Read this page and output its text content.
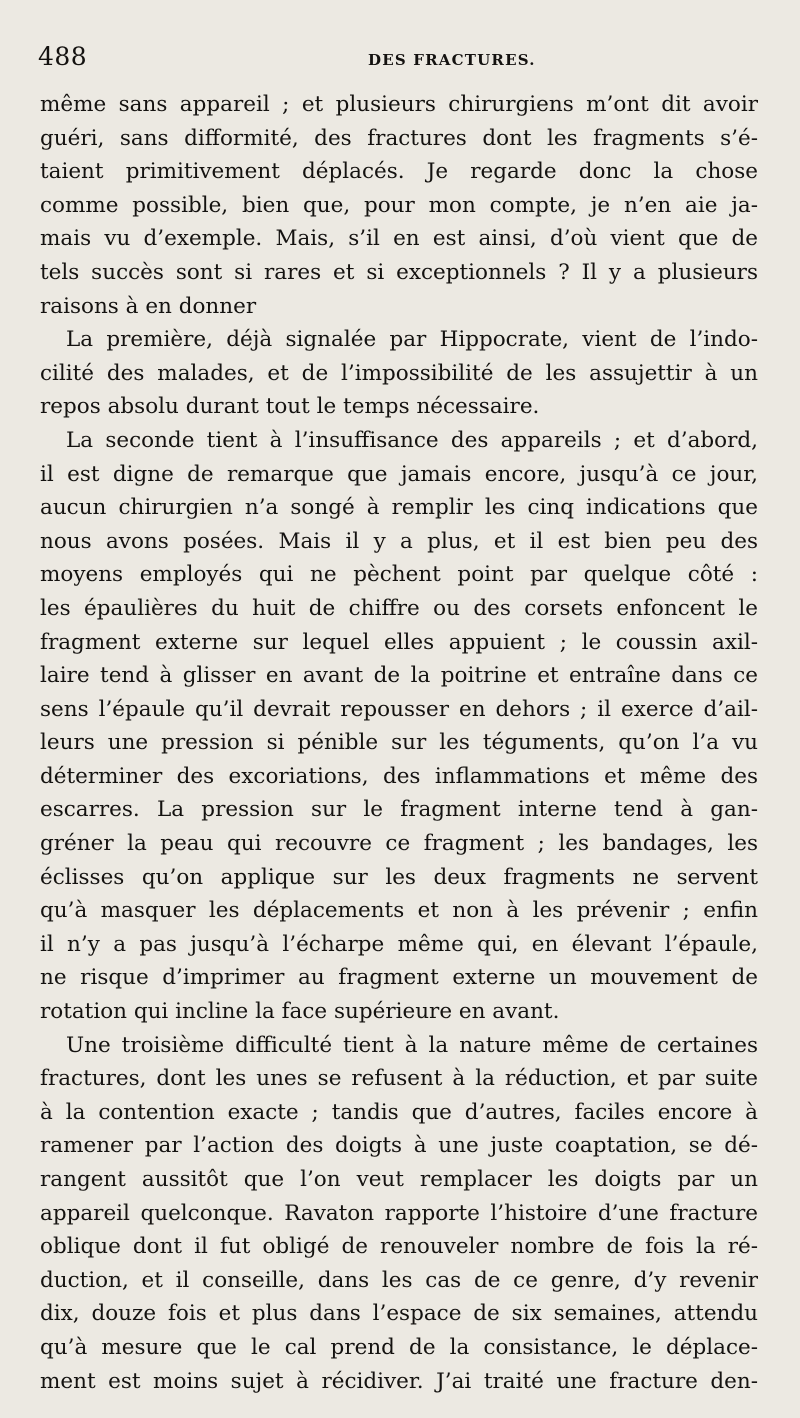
488	DES FRACTURES.
même sans appareil ; et plusieurs chirurgiens m’ont dit avoir
guéri, sans difformité, des fractures dont les fragments s’é-
taient primitivement déplacés. Je regarde donc la chose
comme possible, bien que, pour mon compte, je n’en aie ja-
mais vu d’exemple. Mais, s’il en est ainsi, d’où vient que de
tels succès sont si rares et si exceptionnels ? Il y a plusieurs
raisons à en donner
La première, déjà signalée par Hippocrate, vient de l’indo-
cilité des malades, et de l’impossibilité de les assujettir à un
repos absolu durant tout le temps nécessaire.
La seconde tient à l’insuffisance des appareils ; et d’abord,
il est digne de remarque que jamais encore, jusqu’à ce jour,
aucun chirurgien n’a songé à remplir les cinq indications que
nous avons posées. Mais il y a plus, et il est bien peu des
moyens employés qui ne pèchent point par quelque côté :
les épaulières du huit de chiffre ou des corsets enfoncent le
fragment externe sur lequel elles appuient ; le coussin axil-
laire tend à glisser en avant de la poitrine et entraîne dans ce
sens l’épaule qu’il devrait repousser en dehors ; il exerce d’ail-
leurs une pression si pénible sur les téguments, qu’on l’a vu
déterminer des excoriations, des inflammations et même des
escarres. La pression sur le fragment interne tend à gan-
gréner la peau qui recouvre ce fragment ; les bandages, les
éclisses qu’on applique sur les deux fragments ne servent
qu’à masquer les déplacements et non à les prévenir ; enfin
il n’y a pas jusqu’à l’écharpe même qui, en élevant l’épaule,
ne risque d’imprimer au fragment externe un mouvement de
rotation qui incline la face supérieure en avant.
Une troisième difficulté tient à la nature même de certaines
fractures, dont les unes se refusent à la réduction, et par suite
à la contention exacte ; tandis que d’autres, faciles encore à
ramener par l’action des doigts à une juste coaptation, se dé-
rangent aussitôt que l’on veut remplacer les doigts par un
appareil quelconque. Ravaton rapporte l’histoire d’une fracture
oblique dont il fut obligé de renouveler nombre de fois la ré-
duction, et il conseille, dans les cas de ce genre, d’y revenir
dix, douze fois et plus dans l’espace de six semaines, attendu
qu’à mesure que le cal prend de la consistance, le déplace-
ment est moins sujet à récidiver. J’ai traité une fracture den-
